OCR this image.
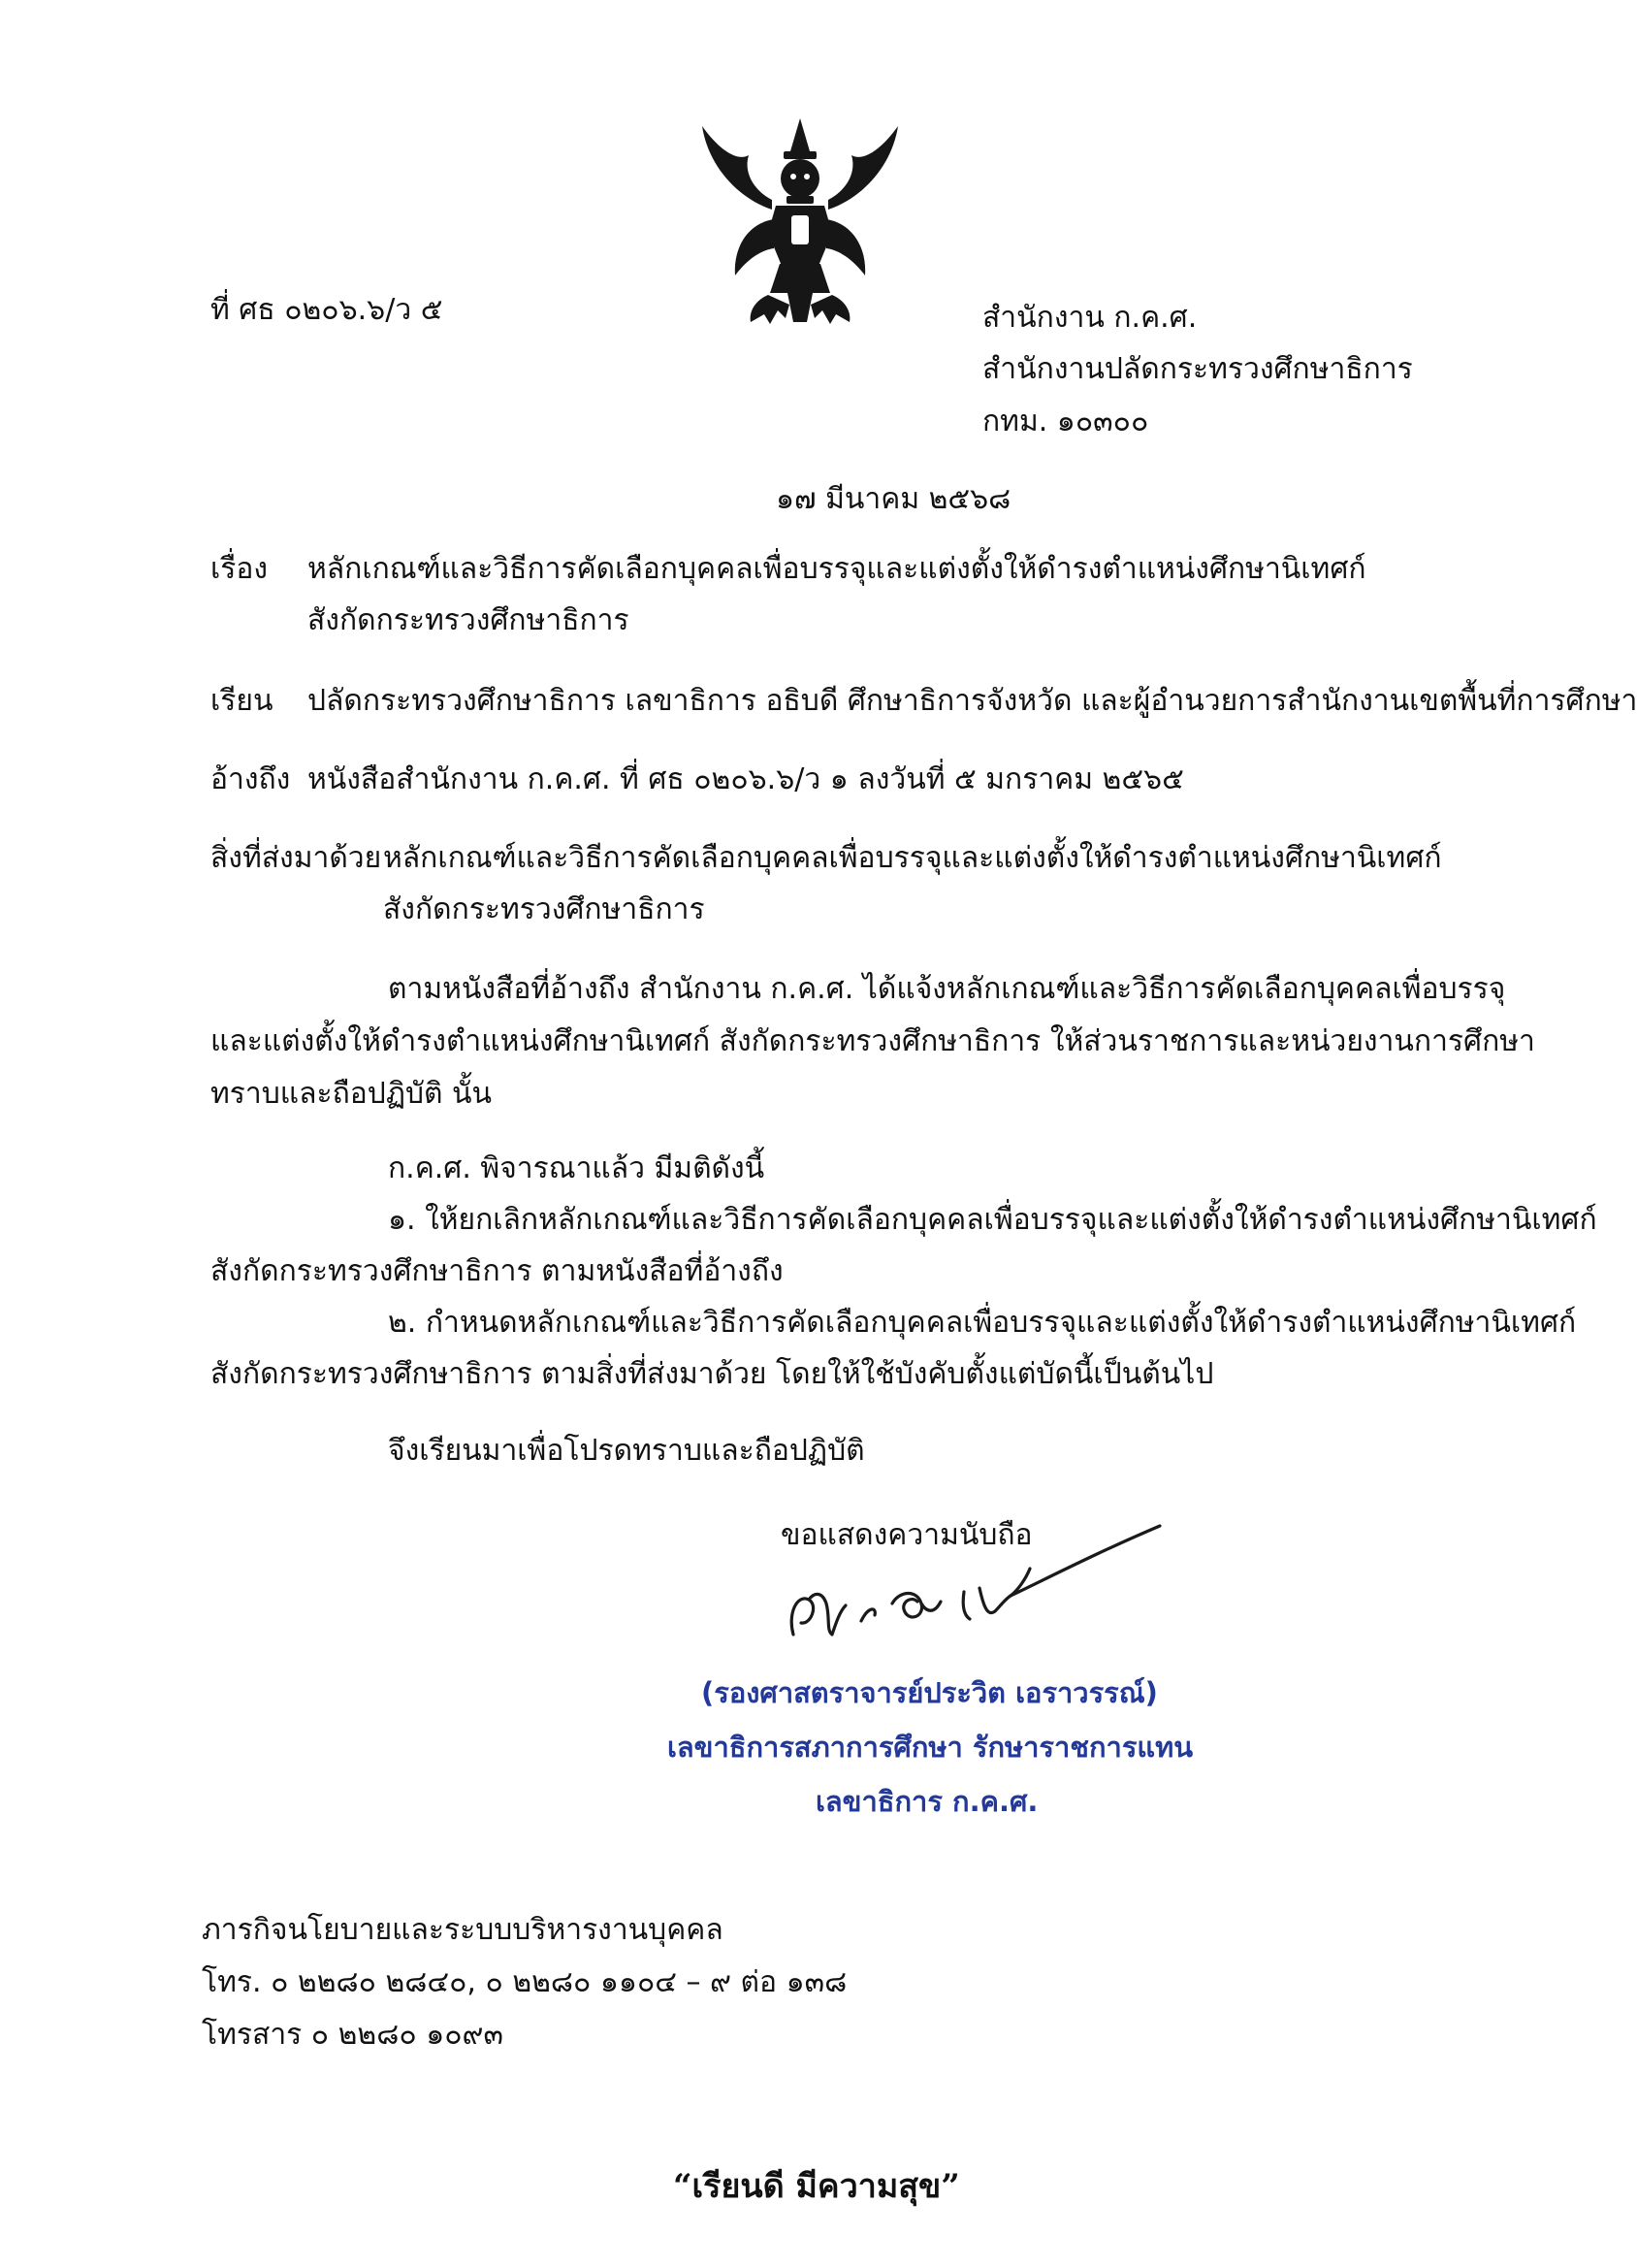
ที่ ศธ ๐๒๐๖.๖/ว ๕	สำนักงาน ก.ค.ศ.
สำนักงานปลัดกระทรวงศึกษาธิการ
กทม. ๑๐๓๐๐
๑๗ มีนาคม ๒๕๖๘
เรื่อง หลักเกณฑ์และวิธีการคัดเลือกบุคคลเพื่อบรรจุและแต่งตั้งให้ดำรงตำแหน่งศึกษานิเทศก์
สังกัดกระทรวงศึกษาธิการ
เรียน ปลัดกระทรวงศึกษาธิการ เลขาธิการ อธิบดี ศึกษาธิการจังหวัด และผู้อำนวยการสำนักงานเขตพื้นที่การศึกษา
อ้างถึง หนังสือสำนักงาน ก.ค.ศ. ที่ ศธ ๐๒๐๖.๖/ว ๑ ลงวันที่ ๕ มกราคม ๒๕๖๕
สิ่งที่ส่งมาด้วย หลักเกณฑ์และวิธีการคัดเลือกบุคคลเพื่อบรรจุและแต่งตั้งให้ดำรงตำแหน่งศึกษานิเทศก์
สังกัดกระทรวงศึกษาธิการ
ตามหนังสือที่อ้างถึง สำนักงาน ก.ค.ศ. ได้แจ้งหลักเกณฑ์และวิธีการคัดเลือกบุคคลเพื่อบรรจุ
และแต่งตั้งให้ดำรงตำแหน่งศึกษานิเทศก์ สังกัดกระทรวงศึกษาธิการ ให้ส่วนราชการและหน่วยงานการศึกษา
ทราบและถือปฏิบัติ นั้น
ก.ค.ศ. พิจารณาแล้ว มีมติดังนี้
๑. ให้ยกเลิกหลักเกณฑ์และวิธีการคัดเลือกบุคคลเพื่อบรรจุและแต่งตั้งให้ดำรงตำแหน่งศึกษานิเทศก์
สังกัดกระทรวงศึกษาธิการ ตามหนังสือที่อ้างถึง
๒. กำหนดหลักเกณฑ์และวิธีการคัดเลือกบุคคลเพื่อบรรจุและแต่งตั้งให้ดำรงตำแหน่งศึกษานิเทศก์
สังกัดกระทรวงศึกษาธิการ ตามสิ่งที่ส่งมาด้วย โดยให้ใช้บังคับตั้งแต่บัดนี้เป็นต้นไป
จึงเรียนมาเพื่อโปรดทราบและถือปฏิบัติ
ขอแสดงความนับถือ
(รองศาสตราจารย์ประวิต เอราวรรณ์)
เลขาธิการสภาการศึกษา รักษาราชการแทน
เลขาธิการ ก.ค.ศ.
ภารกิจนโยบายและระบบบริหารงานบุคคล
โทร. ๐ ๒๒๘๐ ๒๘๔๐, ๐ ๒๒๘๐ ๑๑๐๔ – ๙ ต่อ ๑๓๘
โทรสาร ๐ ๒๒๘๐ ๑๐๙๓
“เรียนดี มีความสุข”
